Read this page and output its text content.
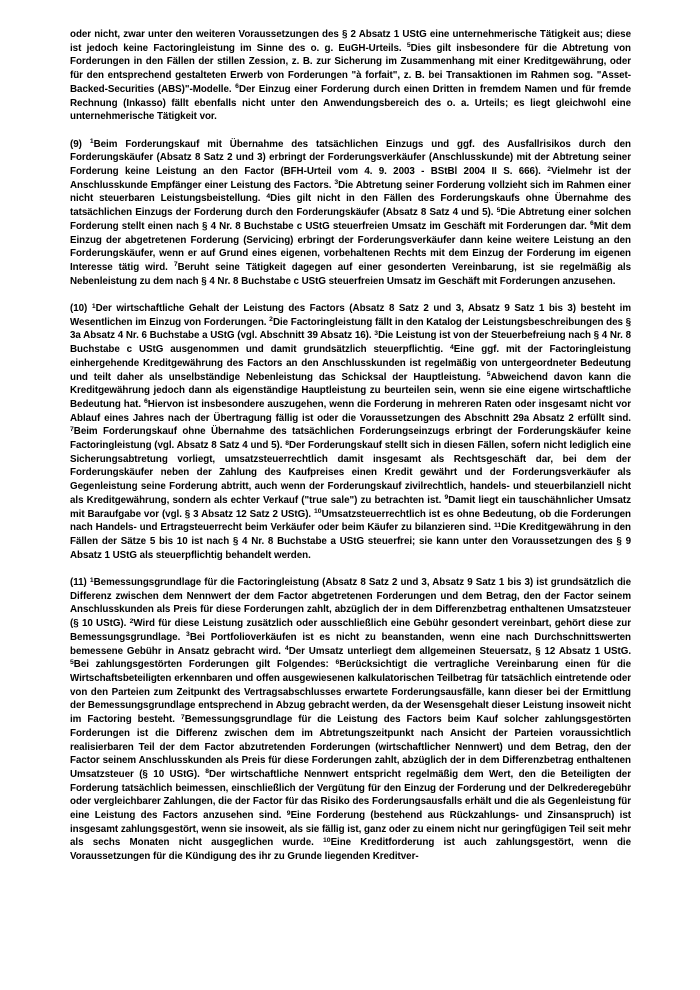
oder nicht, zwar unter den weiteren Voraussetzungen des § 2 Absatz 1 UStG eine unternehmerische Tätigkeit aus; diese ist jedoch keine Factoringleistung im Sinne des o. g. EuGH-Urteils. $^5$Dies gilt insbesondere für die Abtretung von Forderungen in den Fällen der stillen Zession, z. B. zur Sicherung im Zusammenhang mit einer Kreditgewährung, oder für den entsprechend gestalteten Erwerb von Forderungen "à forfait", z. B. bei Transaktionen im Rahmen sog. "Asset-Backed-Securities (ABS)"-Modelle. $^6$Der Einzug einer Forderung durch einen Dritten in fremdem Namen und für fremde Rechnung (Inkasso) fällt ebenfalls nicht unter den Anwendungsbereich des o. a. Urteils; es liegt gleichwohl eine unternehmerische Tätigkeit vor.

(9) $^1$Beim Forderungskauf mit Übernahme des tatsächlichen Einzugs und ggf. des Ausfallrisikos durch den Forderungskäufer (Absatz 8 Satz 2 und 3) erbringt der Forderungsverkäufer (Anschlusskunde) mit der Abtretung seiner Forderung keine Leistung an den Factor (BFH-Urteil vom 4. 9. 2003 - BStBl 2004 II S. 666). $^2$Vielmehr ist der Anschlusskunde Empfänger einer Leistung des Factors. $^3$Die Abtretung seiner Forderung vollzieht sich im Rahmen einer nicht steuerbaren Leistungsbeistellung. $^4$Dies gilt nicht in den Fällen des Forderungskaufs ohne Übernahme des tatsächlichen Einzugs der Forderung durch den Forderungskäufer (Absatz 8 Satz 4 und 5). $^5$Die Abtretung einer solchen Forderung stellt einen nach § 4 Nr. 8 Buchstabe c UStG steuerfreien Umsatz im Geschäft mit Forderungen dar. $^6$Mit dem Einzug der abgetretenen Forderung (Servicing) erbringt der Forderungsverkäufer dann keine weitere Leistung an den Forderungskäufer, wenn er auf Grund eines eigenen, vorbehaltenen Rechts mit dem Einzug der Forderung im eigenen Interesse tätig wird. $^7$Beruht seine Tätigkeit dagegen auf einer gesonderten Vereinbarung, ist sie regelmäßig als Nebenleistung zu dem nach § 4 Nr. 8 Buchstabe c UStG steuerfreien Umsatz im Geschäft mit Forderungen anzusehen.

(10) $^1$Der wirtschaftliche Gehalt der Leistung des Factors (Absatz 8 Satz 2 und 3, Absatz 9 Satz 1 bis 3) besteht im Wesentlichen im Einzug von Forderungen. $^2$Die Factoringleistung fällt in den Katalog der Leistungsbeschreibungen des § 3a Absatz 4 Nr. 6 Buchstabe a UStG (vgl. Abschnitt 39 Absatz 16). $^3$Die Leistung ist von der Steuerbefreiung nach § 4 Nr. 8 Buchstabe c UStG ausgenommen und damit grundsätzlich steuerpflichtig. $^4$Eine ggf. mit der Factoringleistung einhergehende Kreditgewährung des Factors an den Anschlusskunden ist regelmäßig von untergeordneter Bedeutung und teilt daher als unselbständige Nebenleistung das Schicksal der Hauptleistung. $^5$Abweichend davon kann die Kreditgewährung jedoch dann als eigenständige Hauptleistung zu beurteilen sein, wenn sie eine eigene wirtschaftliche Bedeutung hat. $^6$Hiervon ist insbesondere auszugehen, wenn die Forderung in mehreren Raten oder insgesamt nicht vor Ablauf eines Jahres nach der Übertragung fällig ist oder die Voraussetzungen des Abschnitt 29a Absatz 2 erfüllt sind. $^7$Beim Forderungskauf ohne Übernahme des tatsächlichen Forderungseinzugs erbringt der Forderungskäufer keine Factoringleistung (vgl. Absatz 8 Satz 4 und 5). $^8$Der Forderungskauf stellt sich in diesen Fällen, sofern nicht lediglich eine Sicherungsabtretung vorliegt, umsatzsteuerrechtlich damit insgesamt als Rechtsgeschäft dar, bei dem der Forderungskäufer neben der Zahlung des Kaufpreises einen Kredit gewährt und der Forderungsverkäufer als Gegenleistung seine Forderung abtritt, auch wenn der Forderungskauf zivilrechtlich, handels- und steuerbilanziell nicht als Kreditgewährung, sondern als echter Verkauf ("true sale") zu betrachten ist. $^9$Damit liegt ein tauschähnlicher Umsatz mit Baraufgabe vor (vgl. § 3 Absatz 12 Satz 2 UStG). $^{10}$Umsatzsteuerrechtlich ist es ohne Bedeutung, ob die Forderungen nach Handels- und Ertragsteuerrecht beim Verkäufer oder beim Käufer zu bilanzieren sind. $^{11}$Die Kreditgewährung in den Fällen der Sätze 5 bis 10 ist nach § 4 Nr. 8 Buchstabe a UStG steuerfrei; sie kann unter den Voraussetzungen des § 9 Absatz 1 UStG als steuerpflichtig behandelt werden.

(11) $^1$Bemessungsgrundlage für die Factoringleistung (Absatz 8 Satz 2 und 3, Absatz 9 Satz 1 bis 3) ist grundsätzlich die Differenz zwischen dem Nennwert der dem Factor abgetretenen Forderungen und dem Betrag, den der Factor seinem Anschlusskunden als Preis für diese Forderungen zahlt, abzüglich der in dem Differenzbetrag enthaltenen Umsatzsteuer (§ 10 UStG). $^2$Wird für diese Leistung zusätzlich oder ausschließlich eine Gebühr gesondert vereinbart, gehört diese zur Bemessungsgrundlage. $^3$Bei Portfolioverkäufen ist es nicht zu beanstanden, wenn eine nach Durchschnittswerten bemessene Gebühr in Ansatz gebracht wird. $^4$Der Umsatz unterliegt dem allgemeinen Steuersatz, § 12 Absatz 1 UStG. $^5$Bei zahlungsgestörten Forderungen gilt Folgendes: $^6$Berücksichtigt die vertragliche Vereinbarung einen für die Wirtschaftsbeteiligten erkennbaren und offen ausgewiesenen kalkulatorischen Teilbetrag für tatsächlich eintretende oder von den Parteien zum Zeitpunkt des Vertragsabschlusses erwartete Forderungsausfälle, kann dieser bei der Ermittlung der Bemessungsgrundlage entsprechend in Abzug gebracht werden, da der Wesensgehalt dieser Leistung insoweit nicht im Factoring besteht. $^7$Bemessungsgrundlage für die Leistung des Factors beim Kauf solcher zahlungsgestörten Forderungen ist die Differenz zwischen dem im Abtretungszeitpunkt nach Ansicht der Parteien voraussichtlich realisierbaren Teil der dem Factor abzutretenden Forderungen (wirtschaftlicher Nennwert) und dem Betrag, den der Factor seinem Anschlusskunden als Preis für diese Forderungen zahlt, abzüglich der in dem Differenzbetrag enthaltenen Umsatzsteuer (§ 10 UStG). $^8$Der wirtschaftliche Nennwert entspricht regelmäßig dem Wert, den die Beteiligten der Forderung tatsächlich beimessen, einschließlich der Vergütung für den Einzug der Forderung und der Delkrederegebühr oder vergleichbarer Zahlungen, die der Factor für das Risiko des Forderungsausfalls erhält und die als Gegenleistung für eine Leistung des Factors anzusehen sind. $^9$Eine Forderung (bestehend aus Rückzahlungs- und Zinsanspruch) ist insgesamt zahlungsgestört, wenn sie insoweit, als sie fällig ist, ganz oder zu einem nicht nur geringfügigen Teil seit mehr als sechs Monaten nicht ausgeglichen wurde. $^{10}$Eine Kreditforderung ist auch zahlungsgestört, wenn die Voraussetzungen für die Kündigung des ihr zu Grunde liegenden Kreditver-
